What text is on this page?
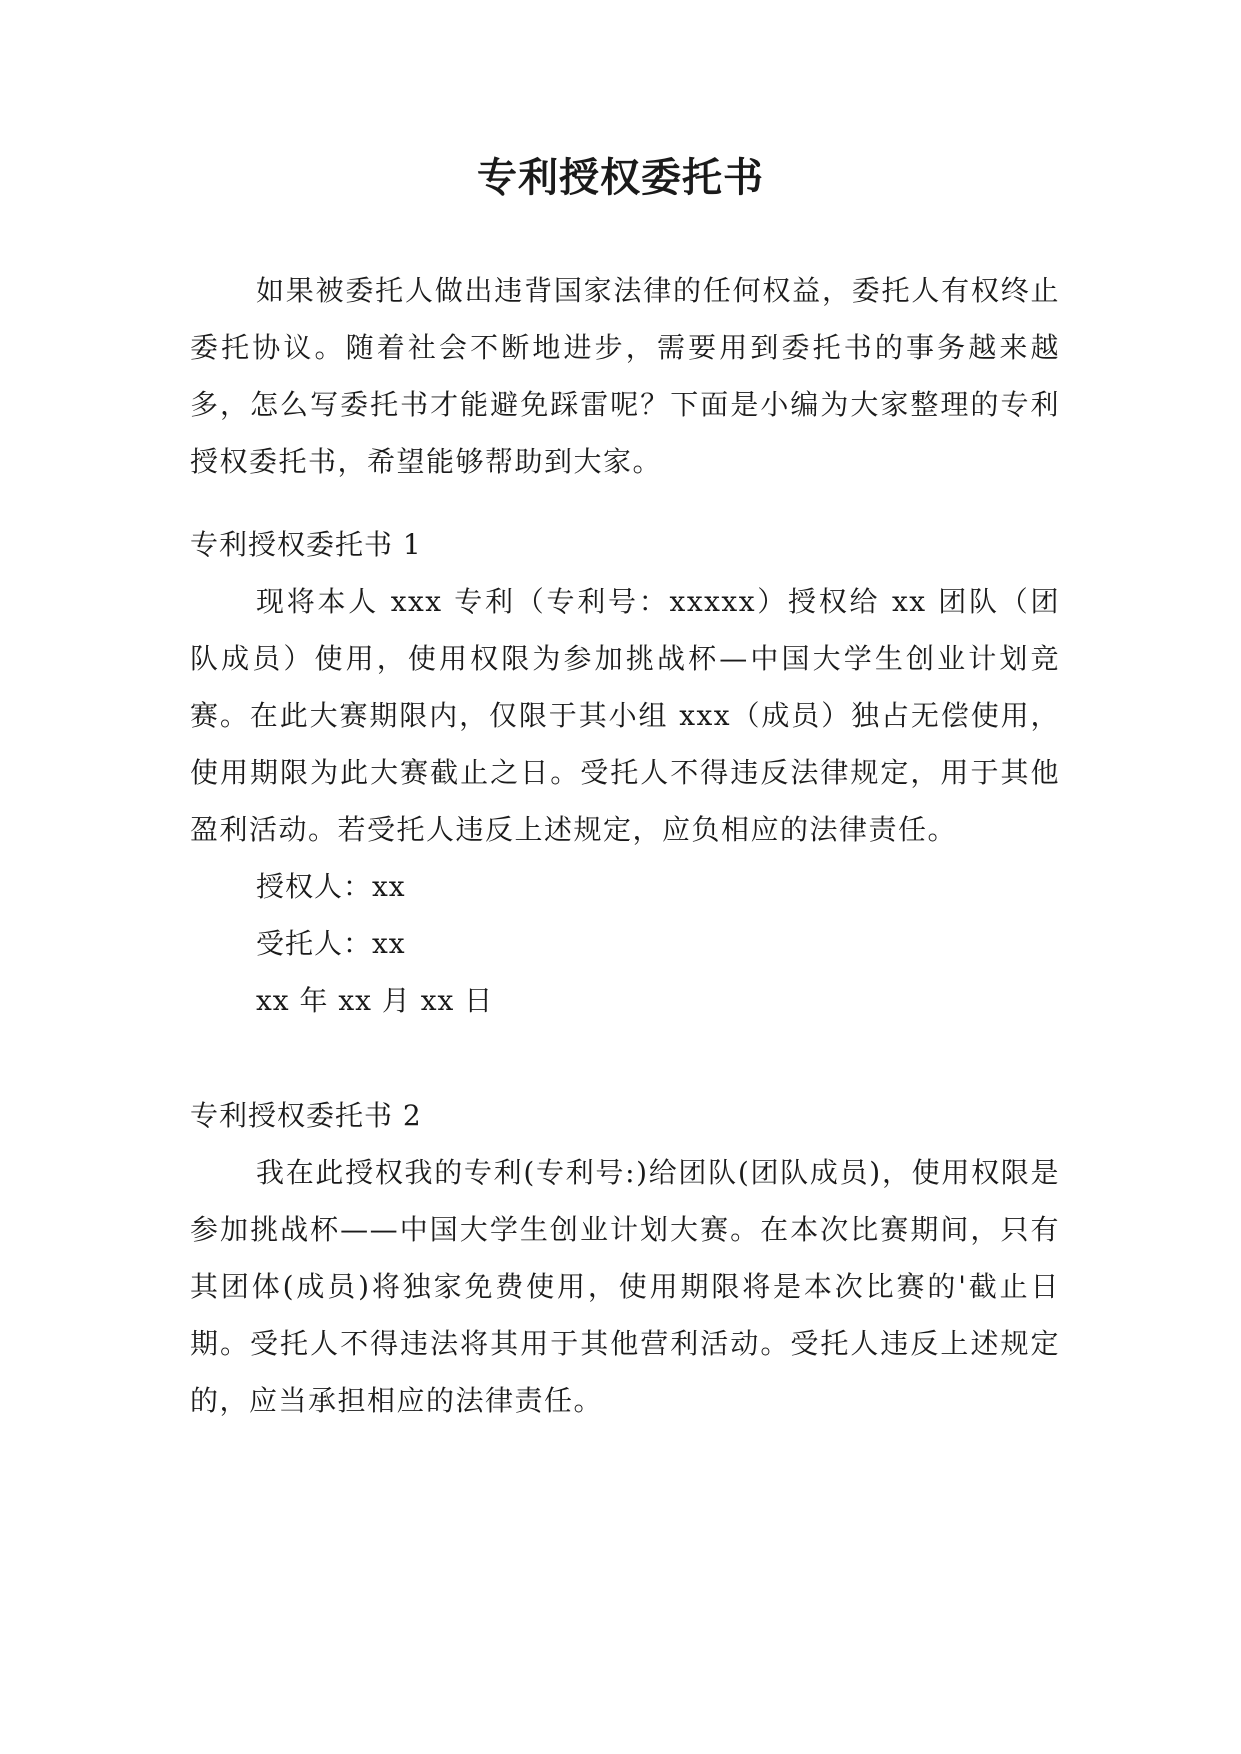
专利授权委托书

如果被委托人做出违背国家法律的任何权益，委托人有权终止委托协议。随着社会不断地进步，需要用到委托书的事务越来越多，怎么写委托书才能避免踩雷呢？下面是小编为大家整理的专利授权委托书，希望能够帮助到大家。

专利授权委托书 1

现将本人 xxx 专利（专利号：xxxxx）授权给 xx 团队（团队成员）使用，使用权限为参加挑战杯—中国大学生创业计划竞赛。在此大赛期限内，仅限于其小组 xxx（成员）独占无偿使用，使用期限为此大赛截止之日。受托人不得违反法律规定，用于其他盈利活动。若受托人违反上述规定，应负相应的法律责任。

授权人：xx

受托人：xx

xx 年 xx 月 xx 日

专利授权委托书 2

我在此授权我的专利(专利号:)给团队(团队成员)，使用权限是参加挑战杯——中国大学生创业计划大赛。在本次比赛期间，只有其团体(成员)将独家免费使用，使用期限将是本次比赛的'截止日期。受托人不得违法将其用于其他营利活动。受托人违反上述规定的，应当承担相应的法律责任。
